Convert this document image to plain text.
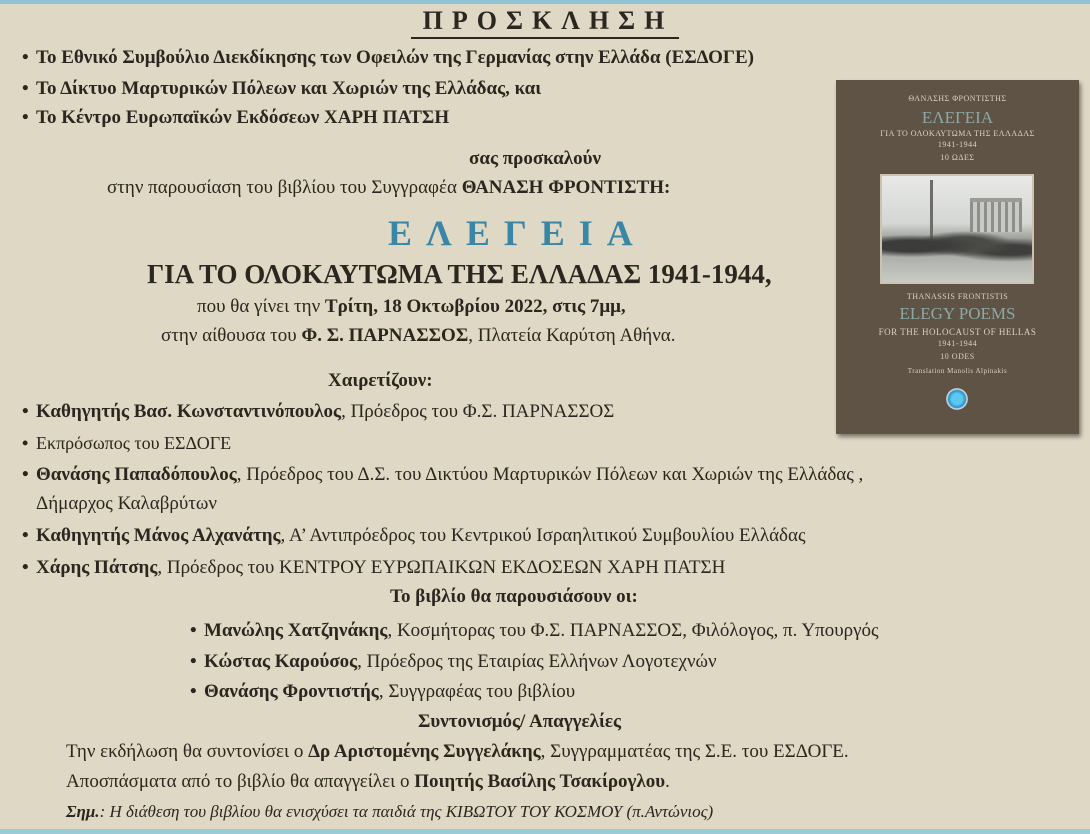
ΠΡΟΣΚΛΗΣΗ
• Το Εθνικό Συμβούλιο Διεκδίκησης των Οφειλών της Γερμανίας στην Ελλάδα (ΕΣΔΟΓΕ)
• Το Δίκτυο Μαρτυρικών Πόλεων και Χωριών της Ελλάδας, και
• Το Κέντρο Ευρωπαϊκών Εκδόσεων ΧΑΡΗ ΠΑΤΣΗ
ΘΑΝΑΣΗΣ ΦΡΟΝΤΙΣΤΗΣ
ΕΛΕΓΕΙΑ
ΓΙΑ ΤΟ ΟΛΟΚΑΥΤΩΜΑ ΤΗΣ ΕΛΛΑΔΑΣ
1941-1944
10 ΩΔΕΣ
THANASSIS FRONTISTIS
ELEGY POEMS
FOR THE HOLOCAUST OF HELLAS
1941-1944
10 ODES
Translation Manolis Alpinakis
σας προσκαλούν
στην παρουσίαση του βιβλίου του Συγγραφέα ΘΑΝΑΣΗ ΦΡΟΝΤΙΣΤΗ:
ΕΛΕΓΕΙΑ
ΓΙΑ ΤΟ ΟΛΟΚΑΥΤΩΜΑ ΤΗΣ ΕΛΛΑΔΑΣ 1941-1944,
που θα γίνει την Τρίτη, 18 Οκτωβρίου 2022, στις 7μμ,
στην αίθουσα του Φ. Σ. ΠΑΡΝΑΣΣΟΣ, Πλατεία Καρύτση Αθήνα.
Χαιρετίζουν:
• Καθηγητής Βασ. Κωνσταντινόπουλος, Πρόεδρος του Φ.Σ. ΠΑΡΝΑΣΣΟΣ
• Εκπρόσωπος του ΕΣΔΟΓΕ
• Θανάσης Παπαδόπουλος, Πρόεδρος του Δ.Σ. του Δικτύου Μαρτυρικών Πόλεων και Χωριών της Ελλάδας ,
Δήμαρχος Καλαβρύτων
• Καθηγητής Μάνος Αλχανάτης, Α’ Αντιπρόεδρος του Κεντρικού Ισραηλιτικού Συμβουλίου Ελλάδας
• Χάρης Πάτσης, Πρόεδρος του ΚΕΝΤΡΟΥ ΕΥΡΩΠΑΙΚΩΝ ΕΚΔΟΣΕΩΝ ΧΑΡΗ ΠΑΤΣΗ
Το βιβλίο θα παρουσιάσουν οι:
• Μανώλης Χατζηνάκης, Κοσμήτορας του Φ.Σ. ΠΑΡΝΑΣΣΟΣ, Φιλόλογος, π. Υπουργός
• Κώστας Καρούσος, Πρόεδρος της Εταιρίας Ελλήνων Λογοτεχνών
• Θανάσης Φροντιστής, Συγγραφέας του βιβλίου
Συντονισμός/ Απαγγελίες
Την εκδήλωση θα συντονίσει ο Δρ Αριστομένης Συγγελάκης, Συγγραμματέας της Σ.Ε. του ΕΣΔΟΓΕ.
Αποσπάσματα από το βιβλίο θα απαγγείλει ο Ποιητής Βασίλης Τσακίρογλου.
Σημ.: Η διάθεση του βιβλίου θα ενισχύσει τα παιδιά της ΚΙΒΩΤΟΥ ΤΟΥ ΚΟΣΜΟΥ (π.Αντώνιος)
